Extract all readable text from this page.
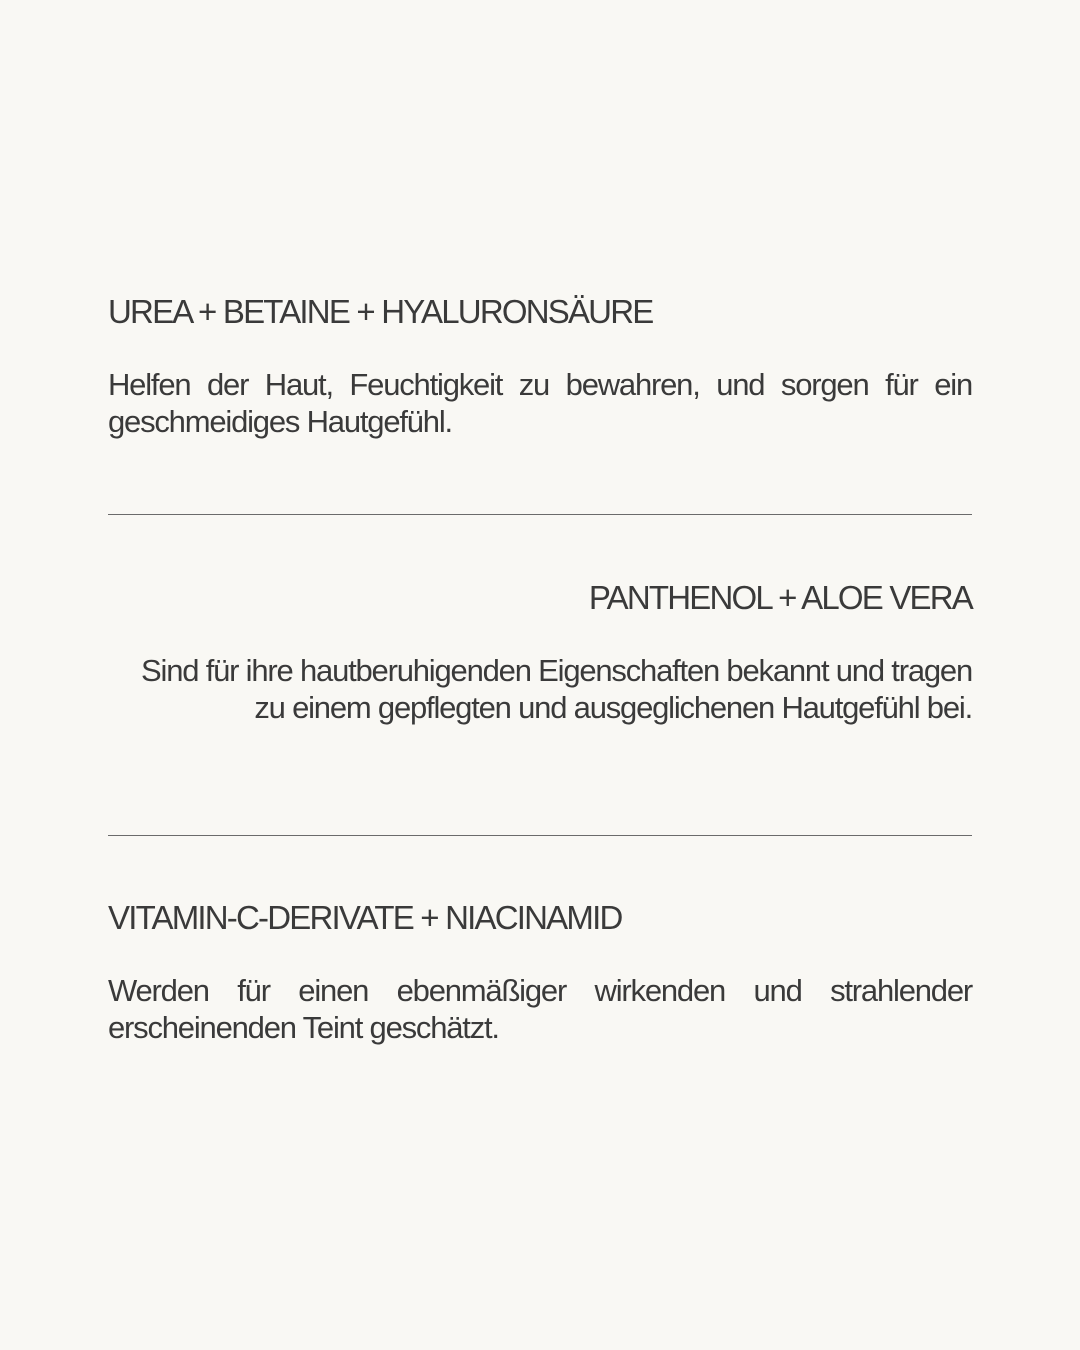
UREA + BETAINE + HYALURONSÄURE

Helfen der Haut, Feuchtigkeit zu bewahren, und sorgen für ein geschmeidiges Hautgefühl.

PANTHENOL + ALOE VERA

Sind für ihre hautberuhigenden Eigenschaften bekannt und tragen zu einem gepflegten und ausgeglichenen Hautgefühl bei.

VITAMIN-C-DERIVATE + NIACINAMID

Werden für einen ebenmäßiger wirkenden und strahlender erscheinenden Teint geschätzt.
